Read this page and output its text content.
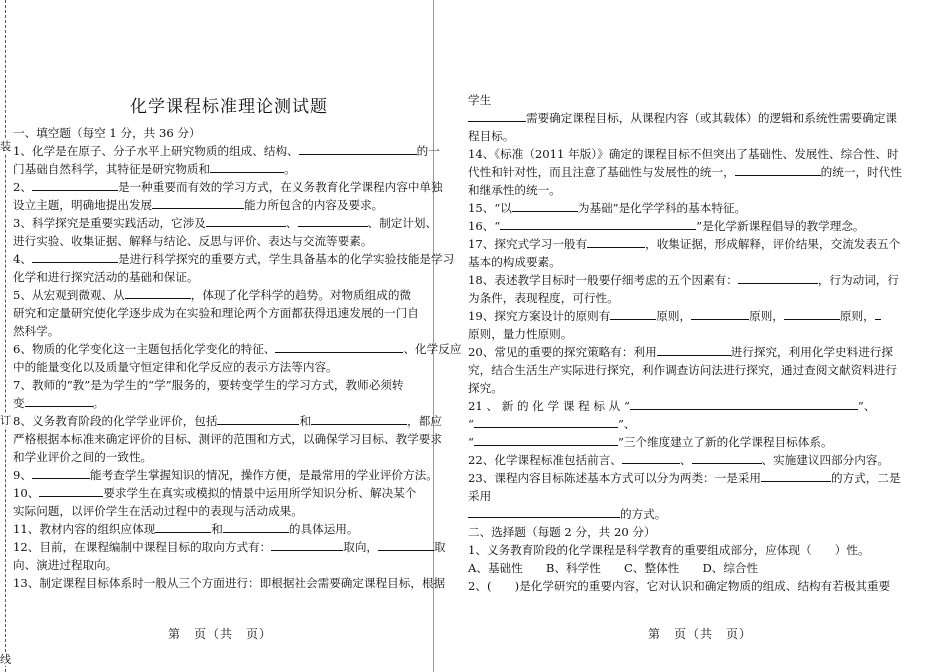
装
订
线
化学课程标准理论测试题

一、填空题（每空 1 分，共 36 分）

1、化学是在原子、分子水平上研究物质的组成、结构、	的一

门基础自然科学，其特征是研究物质和	。

2、	是一种重要而有效的学习方式，在义务教育化学课程内容中单独

设立主题，明确地提出发展	能力所包含的内容及要求。

3、科学探究是重要实践活动，它涉及	、	、制定计划、

进行实验、收集证据、解释与结论、反思与评价、表达与交流等要素。

4、	是进行科学探究的重要方式，学生具备基本的化学实验技能是学习

化学和进行探究活动的基础和保证。

5、从宏观到微观、从	，体现了化学科学的趋势。对物质组成的微

研究和定量研究使化学逐步成为在实验和理论两个方面都获得迅速发展的一门自

然科学。

6、物质的化学变化这一主题包括化学变化的特征、	、化学反应

中的能量变化以及质量守恒定律和化学反应的表示方法等内容。

7、教师的“教”是为学生的“学”服务的，要转变学生的学习方式，教师必须转

变	。

8、义务教育阶段的化学学业评价，包括	和	，都应

严格根据本标准来确定评价的目标、测评的范围和方式，以确保学习目标、教学要求

和学业评价之间的一致性。

9、	能考查学生掌握知识的情况，操作方便，是最常用的学业评价方法。

10、	要求学生在真实或模拟的情景中运用所学知识分析、解决某个

实际问题，以评价学生在活动过程中的表现与活动成果。

11、教材内容的组织应体现	和	的具体运用。

12、目前，在课程编制中课程目标的取向方式有：	取向，	取

向、演进过程取向。

13、制定课程目标体系时一般从三个方面进行：即根据社会需要确定课程目标，根据

学生

需要确定课程目标，从课程内容（或其载体）的逻辑和系统性需要确定课

程目标。

14、《标准（2011 年版）》确定的课程目标不但突出了基础性、发展性、综合性、时

代性和针对性，而且注意了基础性与发展性的统一，	的统一，时代性

和继承性的统一。

15、“以	为基础”是化学学科的基本特征。

16、“	”是化学新课程倡导的教学理念。

17、探究式学习一般有	，收集证据，形成解释，评价结果，交流发表五个

基本的构成要素。

18、表述教学目标时一般要仔细考虑的五个因素有：	，行为动词，行

为条件，表现程度，可行性。

19、探究方案设计的原则有	原则，	原则，	原则，

原则，量力性原则。

20、常见的重要的探究策略有：利用	进行探究，利用化学史料进行探

究，结合生活生产实际进行探究，利作调查访问法进行探究，通过查阅文献资料进行

探究。

21 、 新 的 化 学 课 程 标 从 “	”、

“	”、

“	”三个维度建立了新的化学课程目标体系。

22、化学课程标准包括前言、	、	、实施建议四部分内容。

23、课程内容目标陈述基本方式可以分为两类：一是采用	的方式，二是

采用

的方式。

二、选择题（每题 2 分，共 20 分）

1、义务教育阶段的化学课程是科学教育的重要组成部分，应体现（　　）性。

A、基础性　　B、科学性　　C、整体性　　D、综合性

2、(　　)是化学研究的重要内容，它对认识和确定物质的组成、结构有若极其重要

第　页（共　页）	第　页（共　页）
